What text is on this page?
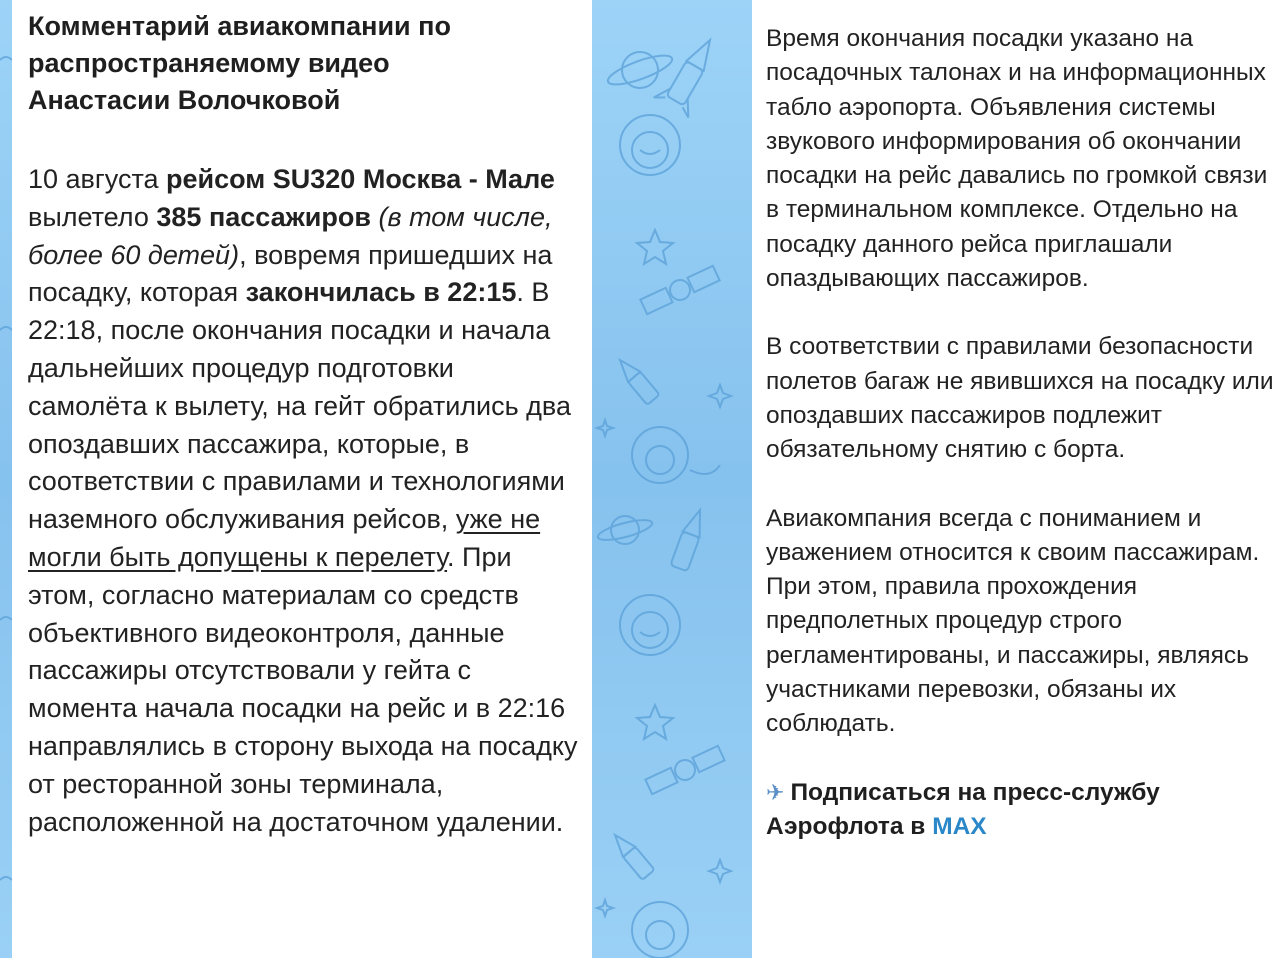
Комментарий авиакомпании по
распространяемому видео
Анастасии Волочковой

10 августа рейсом SU320 Москва - Мале вылетело 385 пассажиров (в том числе, более 60 детей), вовремя пришедших на посадку, которая закончилась в 22:15. В 22:18, после окончания посадки и начала дальнейших процедур подготовки самолёта к вылету, на гейт обратились два опоздавших пассажира, которые, в соответствии с правилами и технологиями наземного обслуживания рейсов, уже не могли быть допущены к перелету. При этом, согласно материалам со средств объективного видеоконтроля, данные пассажиры отсутствовали у гейта с момента начала посадки на рейс и в 22:16 направлялись в сторону выхода на посадку от ресторанной зоны терминала, расположенной на достаточном удалении.

Время окончания посадки указано на посадочных талонах и на информационных табло аэропорта. Объявления системы звукового информирования об окончании посадки на рейс давались по громкой связи в терминальном комплексе. Отдельно на посадку данного рейса приглашали опаздывающих пассажиров.

В соответствии с правилами безопасности полетов багаж не явившихся на посадку или опоздавших пассажиров подлежит обязательному снятию с борта.

Авиакомпания всегда с пониманием и уважением относится к своим пассажирам. При этом, правила прохождения предполетных процедур строго регламентированы, и пассажиры, являясь участниками перевозки, обязаны их соблюдать.

✈ Подписаться на пресс-службу Аэрофлота в MAX
